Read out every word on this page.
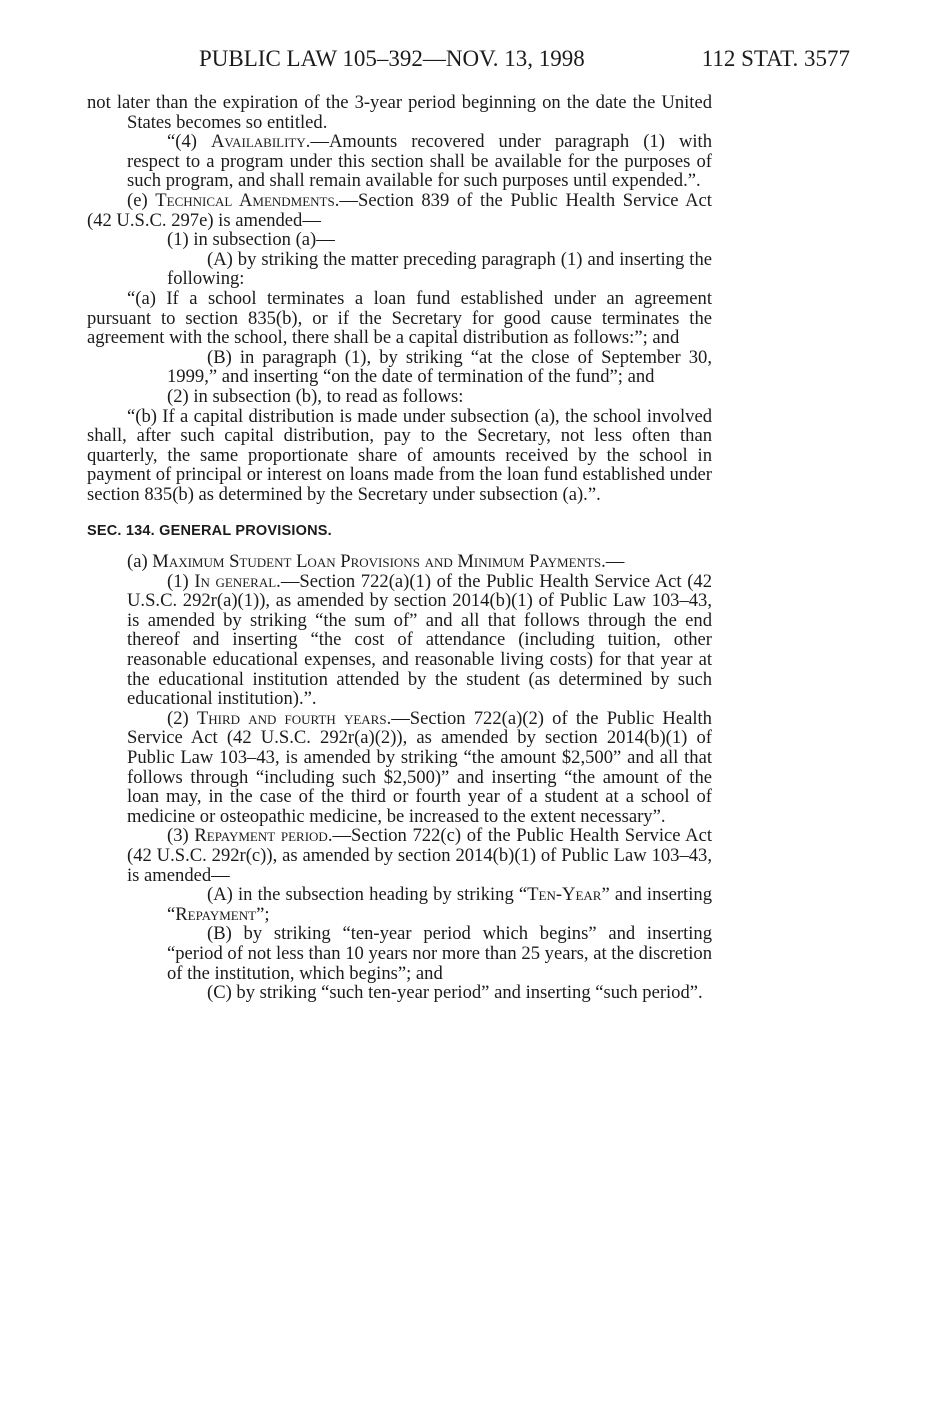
PUBLIC LAW 105–392—NOV. 13, 1998	112 STAT. 3577

not later than the expiration of the 3-year period beginning on the date the United States becomes so entitled.

“(4) Availability.—Amounts recovered under paragraph (1) with respect to a program under this section shall be available for the purposes of such program, and shall remain available for such purposes until expended.”.

(e) Technical Amendments.—Section 839 of the Public Health Service Act (42 U.S.C. 297e) is amended—

(1) in subsection (a)—

(A) by striking the matter preceding paragraph (1) and inserting the following:

“(a) If a school terminates a loan fund established under an agreement pursuant to section 835(b), or if the Secretary for good cause terminates the agreement with the school, there shall be a capital distribution as follows:”; and

(B) in paragraph (1), by striking “at the close of September 30, 1999,” and inserting “on the date of termination of the fund”; and

(2) in subsection (b), to read as follows:

“(b) If a capital distribution is made under subsection (a), the school involved shall, after such capital distribution, pay to the Secretary, not less often than quarterly, the same proportionate share of amounts received by the school in payment of principal or interest on loans made from the loan fund established under section 835(b) as determined by the Secretary under subsection (a).”.

SEC. 134. GENERAL PROVISIONS.

(a) Maximum Student Loan Provisions and Minimum Payments.—

(1) In general.—Section 722(a)(1) of the Public Health Service Act (42 U.S.C. 292r(a)(1)), as amended by section 2014(b)(1) of Public Law 103–43, is amended by striking “the sum of” and all that follows through the end thereof and inserting “the cost of attendance (including tuition, other reasonable educational expenses, and reasonable living costs) for that year at the educational institution attended by the student (as determined by such educational institution).”.

(2) Third and fourth years.—Section 722(a)(2) of the Public Health Service Act (42 U.S.C. 292r(a)(2)), as amended by section 2014(b)(1) of Public Law 103–43, is amended by striking “the amount $2,500” and all that follows through “including such $2,500)” and inserting “the amount of the loan may, in the case of the third or fourth year of a student at a school of medicine or osteopathic medicine, be increased to the extent necessary”.

(3) Repayment period.—Section 722(c) of the Public Health Service Act (42 U.S.C. 292r(c)), as amended by section 2014(b)(1) of Public Law 103–43, is amended—

(A) in the subsection heading by striking “Ten-Year” and inserting “Repayment”;

(B) by striking “ten-year period which begins” and inserting “period of not less than 10 years nor more than 25 years, at the discretion of the institution, which begins”; and

(C) by striking “such ten-year period” and inserting “such period”.
